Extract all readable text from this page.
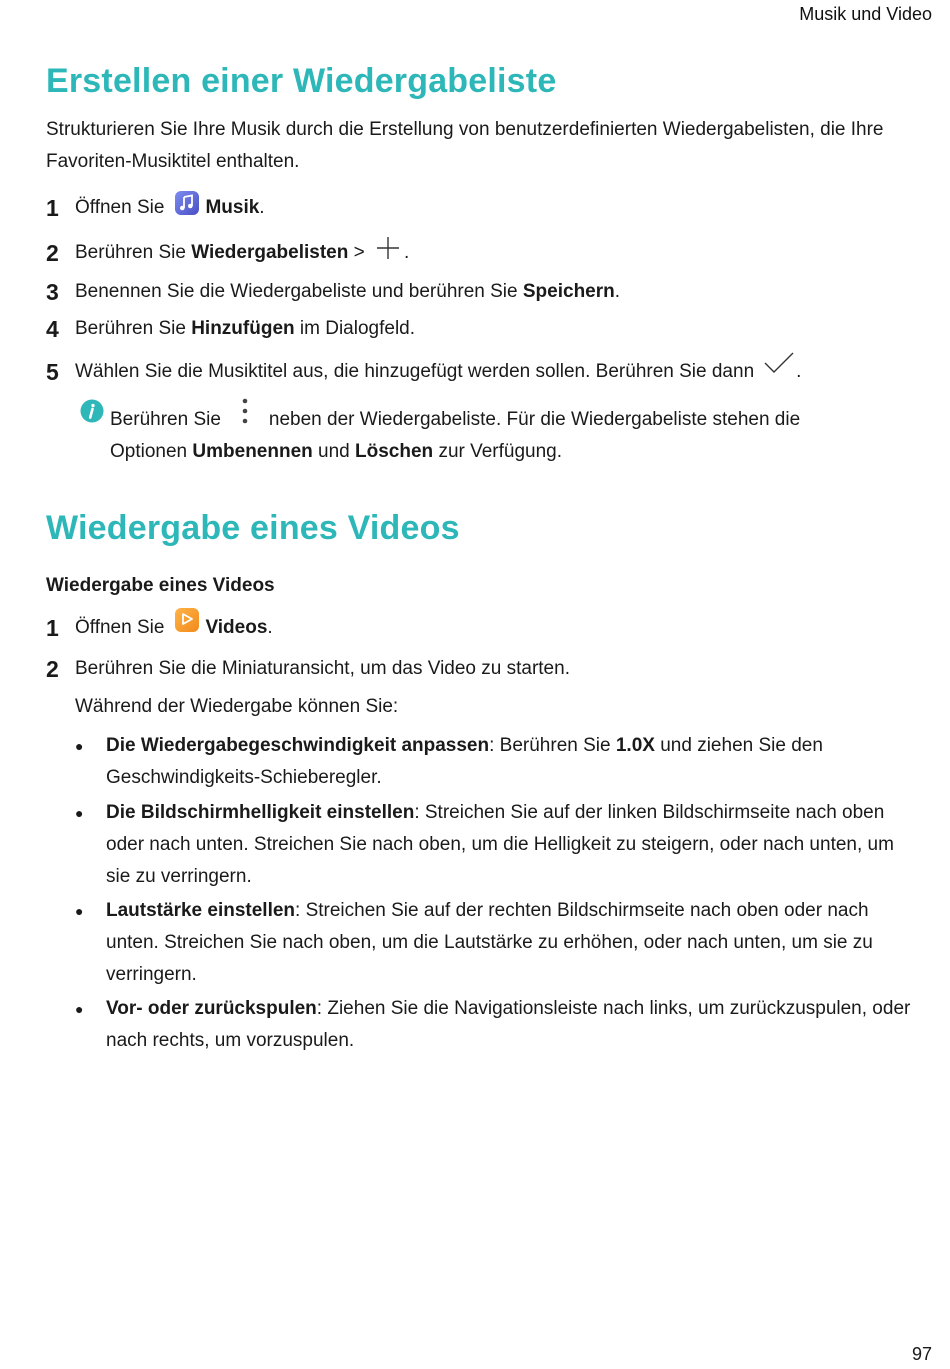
Musik und Video
Erstellen einer Wiedergabeliste
Strukturieren Sie Ihre Musik durch die Erstellung von benutzerdefinierten Wiedergabelisten, die Ihre Favoriten-Musiktitel enthalten.
1 Öffnen Sie Musik .
2 Berühren Sie
Wiedergabelisten > .
3 Benennen Sie die Wiedergabeliste und berühren Sie
Speichern .
4 Berühren Sie
Hinzufügen im Dialogfeld.
5 Wählen Sie die Musiktitel aus, die hinzugefügt werden sollen. Berühren Sie dann .
Berühren Sie	neben der Wiedergabeliste. Für die Wiedergabeliste stehen die
Optionen Umbenennen und Löschen zur Verfügung.
Wiedergabe eines Videos
Wiedergabe eines Videos
1 Öffnen Sie Videos .
2 Berühren Sie die Miniaturansicht, um das Video zu starten.
Während der Wiedergabe können Sie:
●	Die Wiedergabegeschwindigkeit anpassen: Berühren Sie 1.0X und ziehen Sie den Geschwindigkeits-Schieberegler.
●	Die Bildschirmhelligkeit einstellen: Streichen Sie auf der linken Bildschirmseite nach oben oder nach unten. Streichen Sie nach oben, um die Helligkeit zu steigern, oder nach unten, um sie zu verringern.
●	Lautstärke einstellen: Streichen Sie auf der rechten Bildschirmseite nach oben oder nach unten. Streichen Sie nach oben, um die Lautstärke zu erhöhen, oder nach unten, um sie zu verringern.
●	Vor- oder zurückspulen: Ziehen Sie die Navigationsleiste nach links, um zurückzuspulen, oder nach rechts, um vorzuspulen.
97
